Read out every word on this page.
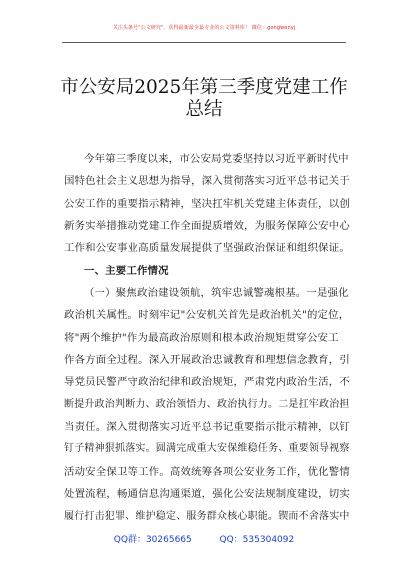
关注头条号"公文研究"，获得最新最全最专业的公文资料库！ 微信：gongwenyj
市公安局2025年第三季度党建工作
总结
今年第三季度以来，市公安局党委坚持以习近平新时代中
国特色社会主义思想为指导，深入贯彻落实习近平总书记关于
公安工作的重要指示精神，坚决扛牢机关党建主体责任，以创
新务实举措推动党建工作全面提质增效，为服务保障公安中心
工作和公安事业高质量发展提供了坚强政治保证和组织保证。
一、主要工作情况
（一）聚焦政治建设领航，筑牢忠诚警魂根基。一是强化
政治机关属性。时刻牢记"公安机关首先是政治机关"的定位，
将"两个维护"作为最高政治原则和根本政治规矩贯穿公安工
作各方面全过程。深入开展政治忠诚教育和理想信念教育，引
导党员民警严守政治纪律和政治规矩，严肃党内政治生活，不
断提升政治判断力、政治领悟力、政治执行力。二是扛牢政治担
当责任。深入贯彻落实习近平总书记重要指示批示精神，以钉
钉子精神狠抓落实。圆满完成重大安保维稳任务、重要领导视察
活动安全保卫等工作。高效统筹各项公安业务工作，优化警情
处置流程，畅通信息沟通渠道，强化公安法规制度建设，切实
履行打击犯罪、维护稳定、服务群众核心职能。锲而不舍落实中
QQ群：30265665	QQ：535304092
